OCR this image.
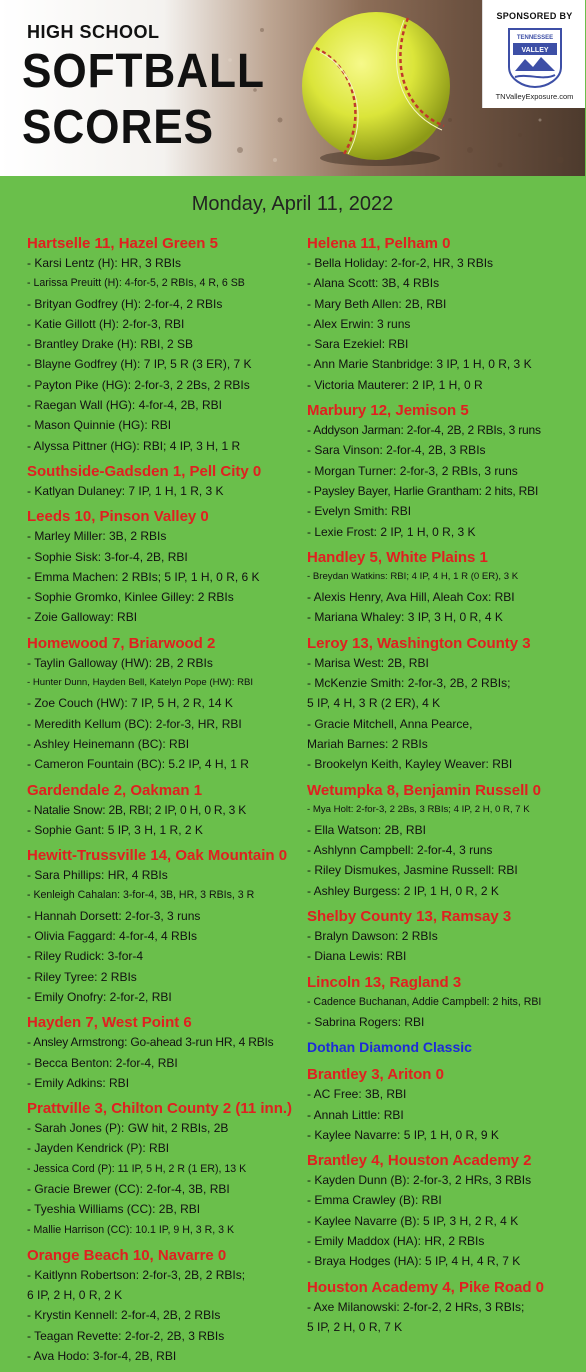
HIGH SCHOOL
SOFTBALL
SCORES
SPONSORED BY
TENNESSEE
VALLEY
TNValleyExposure.com
Monday, April 11, 2022
Hartselle 11, Hazel Green 5
- Karsi Lentz (H): HR, 3 RBIs
- Larissa Preuitt (H): 4-for-5, 2 RBIs, 4 R, 6 SB
- Brityan Godfrey (H): 2-for-4, 2 RBIs
- Katie Gillott (H): 2-for-3, RBI
- Brantley Drake (H): RBI, 2 SB
- Blayne Godfrey (H): 7 IP, 5 R (3 ER), 7 K
- Payton Pike (HG): 2-for-3, 2 2Bs, 2 RBIs
- Raegan Wall (HG): 4-for-4, 2B, RBI
- Mason Quinnie (HG): RBI
- Alyssa Pittner (HG): RBI; 4 IP, 3 H, 1 R
Southside-Gadsden 1, Pell City 0
- Katlyan Dulaney: 7 IP, 1 H, 1 R, 3 K
Leeds 10, Pinson Valley 0
- Marley Miller: 3B, 2 RBIs
- Sophie Sisk: 3-for-4, 2B, RBI
- Emma Machen: 2 RBIs; 5 IP, 1 H, 0 R, 6 K
- Sophie Gromko, Kinlee Gilley: 2 RBIs
- Zoie Galloway: RBI
Homewood 7, Briarwood 2
- Taylin Galloway (HW): 2B, 2 RBIs
- Hunter Dunn, Hayden Bell, Katelyn Pope (HW): RBI
- Zoe Couch (HW): 7 IP, 5 H, 2 R, 14 K
- Meredith Kellum (BC): 2-for-3, HR, RBI
- Ashley Heinemann (BC): RBI
- Cameron Fountain (BC): 5.2 IP, 4 H, 1 R
Gardendale 2, Oakman 1
- Natalie Snow: 2B, RBI; 2 IP, 0 H, 0 R, 3 K
- Sophie Gant: 5 IP, 3 H, 1 R, 2 K
Hewitt-Trussville 14, Oak Mountain 0
- Sara Phillips: HR, 4 RBIs
- Kenleigh Cahalan: 3-for-4, 3B, HR, 3 RBIs, 3 R
- Hannah Dorsett: 2-for-3, 3 runs
- Olivia Faggard: 4-for-4, 4 RBIs
- Riley Rudick: 3-for-4
- Riley Tyree: 2 RBIs
- Emily Onofry: 2-for-2, RBI
Hayden 7, West Point 6
- Ansley Armstrong: Go-ahead 3-run HR, 4 RBIs
- Becca Benton: 2-for-4, RBI
- Emily Adkins: RBI
Prattville 3, Chilton County 2 (11 inn.)
- Sarah Jones (P): GW hit, 2 RBIs, 2B
- Jayden Kendrick (P): RBI
- Jessica Cord (P): 11 IP, 5 H, 2 R (1 ER), 13 K
- Gracie Brewer (CC): 2-for-4, 3B, RBI
- Tyeshia Williams (CC): 2B, RBI
- Mallie Harrison (CC): 10.1 IP, 9 H, 3 R, 3 K
Orange Beach 10, Navarre 0
- Kaitlynn Robertson: 2-for-3, 2B, 2 RBIs;
6 IP, 2 H, 0 R, 2 K
- Krystin Kennell: 2-for-4, 2B, 2 RBIs
- Teagan Revette: 2-for-2, 2B, 3 RBIs
- Ava Hodo: 3-for-4, 2B, RBI
Helena 11, Pelham 0
- Bella Holiday: 2-for-2, HR, 3 RBIs
- Alana Scott: 3B, 4 RBIs
- Mary Beth Allen: 2B, RBI
- Alex Erwin: 3 runs
- Sara Ezekiel: RBI
- Ann Marie Stanbridge: 3 IP, 1 H, 0 R, 3 K
- Victoria Mauterer: 2 IP, 1 H, 0 R
Marbury 12, Jemison 5
- Addyson Jarman: 2-for-4, 2B, 2 RBIs, 3 runs
- Sara Vinson: 2-for-4, 2B, 3 RBIs
- Morgan Turner: 2-for-3, 2 RBIs, 3 runs
- Paysley Bayer, Harlie Grantham: 2 hits, RBI
- Evelyn Smith: RBI
- Lexie Frost: 2 IP, 1 H, 0 R, 3 K
Handley 5, White Plains 1
- Breydan Watkins: RBI; 4 IP, 4 H, 1 R (0 ER), 3 K
- Alexis Henry, Ava Hill, Aleah Cox: RBI
- Mariana Whaley: 3 IP, 3 H, 0 R, 4 K
Leroy 13, Washington County 3
- Marisa West: 2B, RBI
- McKenzie Smith: 2-for-3, 2B, 2 RBIs;
5 IP, 4 H, 3 R (2 ER), 4 K
- Gracie Mitchell, Anna Pearce,
Mariah Barnes: 2 RBIs
- Brookelyn Keith, Kayley Weaver: RBI
Wetumpka 8, Benjamin Russell 0
- Mya Holt: 2-for-3, 2 2Bs, 3 RBIs; 4 IP, 2 H, 0 R, 7 K
- Ella Watson: 2B, RBI
- Ashlynn Campbell: 2-for-4, 3 runs
- Riley Dismukes, Jasmine Russell: RBI
- Ashley Burgess: 2 IP, 1 H, 0 R, 2 K
Shelby County 13, Ramsay 3
- Bralyn Dawson: 2 RBIs
- Diana Lewis: RBI
Lincoln 13, Ragland 3
- Cadence Buchanan, Addie Campbell: 2 hits, RBI
- Sabrina Rogers: RBI
Dothan Diamond Classic
Brantley 3, Ariton 0
- AC Free: 3B, RBI
- Annah Little: RBI
- Kaylee Navarre: 5 IP, 1 H, 0 R, 9 K
Brantley 4, Houston Academy 2
- Kayden Dunn (B): 2-for-3, 2 HRs, 3 RBIs
- Emma Crawley (B): RBI
- Kaylee Navarre (B): 5 IP, 3 H, 2 R, 4 K
- Emily Maddox (HA): HR, 2 RBIs
- Braya Hodges (HA): 5 IP, 4 H, 4 R, 7 K
Houston Academy 4, Pike Road 0
- Axe Milanowski: 2-for-2, 2 HRs, 3 RBIs;
5 IP, 2 H, 0 R, 7 K
